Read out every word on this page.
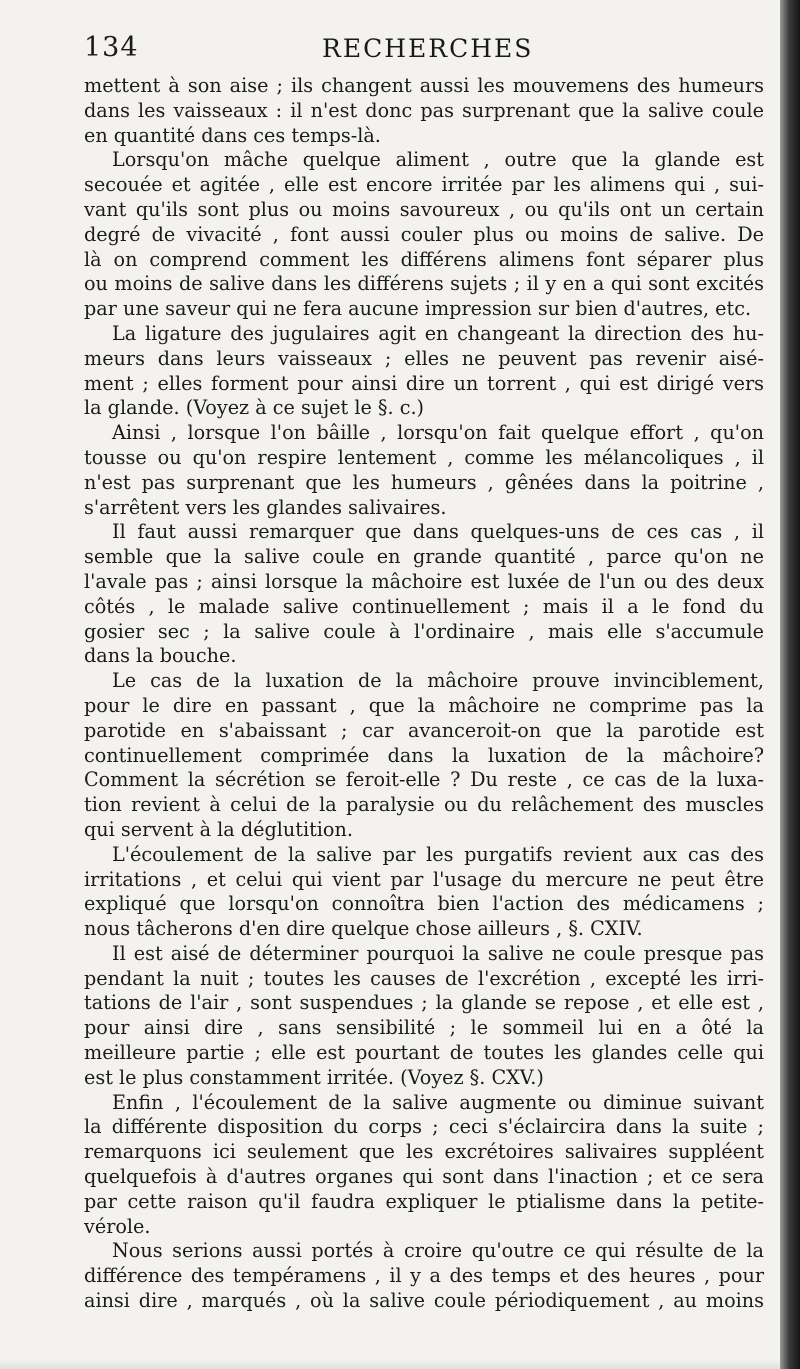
134	RECHERCHES
mettent à son aise ; ils changent aussi les mouvemens des humeurs
dans les vaisseaux : il n'est donc pas surprenant que la salive coule
en quantité dans ces temps-là.
Lorsqu'on mâche quelque aliment , outre que la glande est
secouée et agitée , elle est encore irritée par les alimens qui , sui-
vant qu'ils sont plus ou moins savoureux , ou qu'ils ont un certain
degré de vivacité , font aussi couler plus ou moins de salive. De
là on comprend comment les différens alimens font séparer plus
ou moins de salive dans les différens sujets ; il y en a qui sont excités
par une saveur qui ne fera aucune impression sur bien d'autres, etc.
La ligature des jugulaires agit en changeant la direction des hu-
meurs dans leurs vaisseaux ; elles ne peuvent pas revenir aisé-
ment ; elles forment pour ainsi dire un torrent , qui est dirigé vers
la glande. (Voyez à ce sujet le §. c.)
Ainsi , lorsque l'on bâille , lorsqu'on fait quelque effort , qu'on
tousse ou qu'on respire lentement , comme les mélancoliques , il
n'est pas surprenant que les humeurs , gênées dans la poitrine ,
s'arrêtent vers les glandes salivaires.
Il faut aussi remarquer que dans quelques-uns de ces cas , il
semble que la salive coule en grande quantité , parce qu'on ne
l'avale pas ; ainsi lorsque la mâchoire est luxée de l'un ou des deux
côtés , le malade salive continuellement ; mais il a le fond du
gosier sec ; la salive coule à l'ordinaire , mais elle s'accumule
dans la bouche.
Le cas de la luxation de la mâchoire prouve invinciblement,
pour le dire en passant , que la mâchoire ne comprime pas la
parotide en s'abaissant ; car avanceroit-on que la parotide est
continuellement comprimée dans la luxation de la mâchoire?
Comment la sécrétion se feroit-elle ? Du reste , ce cas de la luxa-
tion revient à celui de la paralysie ou du relâchement des muscles
qui servent à la déglutition.
L'écoulement de la salive par les purgatifs revient aux cas des
irritations , et celui qui vient par l'usage du mercure ne peut être
expliqué que lorsqu'on connoîtra bien l'action des médicamens ;
nous tâcherons d'en dire quelque chose ailleurs , §. CXIV.
Il est aisé de déterminer pourquoi la salive ne coule presque pas
pendant la nuit ; toutes les causes de l'excrétion , excepté les irri-
tations de l'air , sont suspendues ; la glande se repose , et elle est ,
pour ainsi dire , sans sensibilité ; le sommeil lui en a ôté la
meilleure partie ; elle est pourtant de toutes les glandes celle qui
est le plus constamment irritée. (Voyez §. CXV.)
Enfin , l'écoulement de la salive augmente ou diminue suivant
la différente disposition du corps ; ceci s'éclaircira dans la suite ;
remarquons ici seulement que les excrétoires salivaires suppléent
quelquefois à d'autres organes qui sont dans l'inaction ; et ce sera
par cette raison qu'il faudra expliquer le ptialisme dans la petite-
vérole.
Nous serions aussi portés à croire qu'outre ce qui résulte de la
différence des tempéramens , il y a des temps et des heures , pour
ainsi dire , marqués , où la salive coule périodiquement , au moins
